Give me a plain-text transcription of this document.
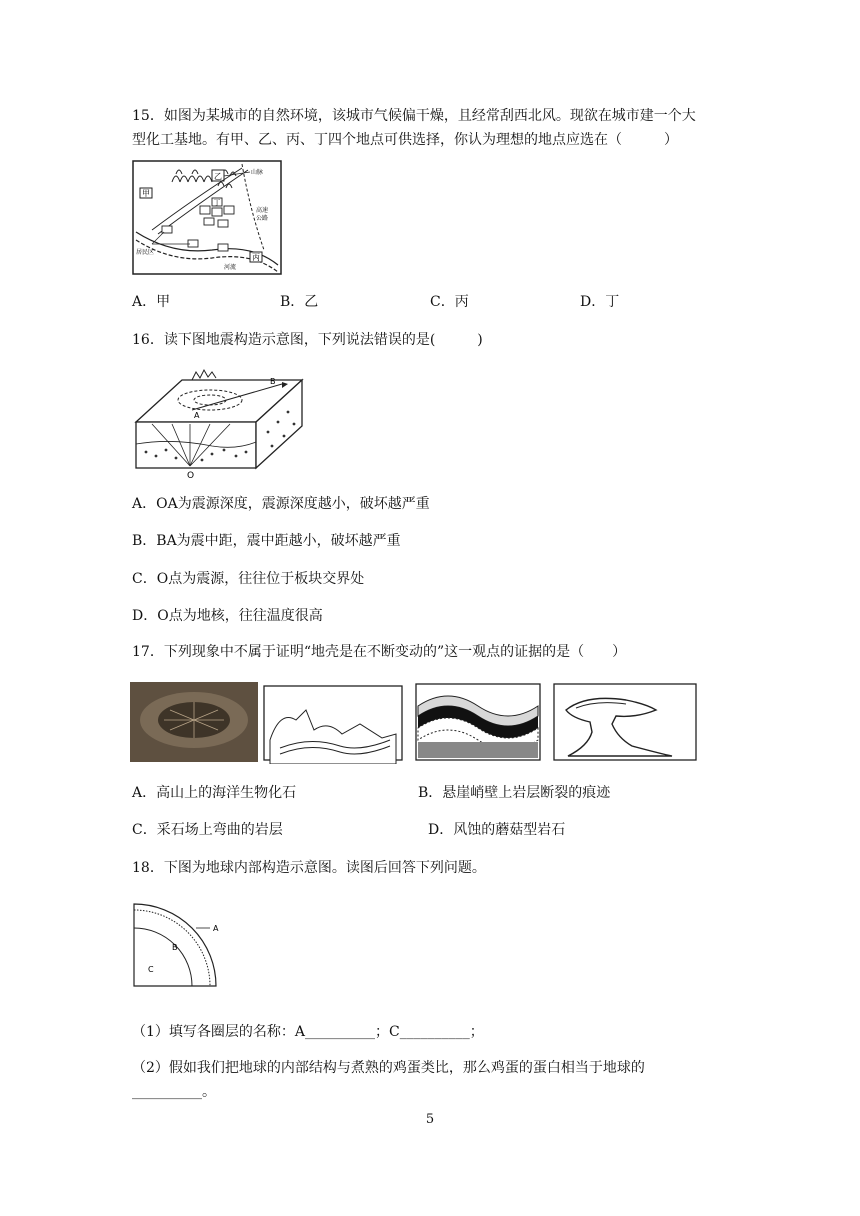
15．如图为某城市的自然环境，该城市气候偏干燥，且经常刮西北风。现欲在城市建一个大
型化工基地。有甲、乙、丙、丁四个地点可供选择，你认为理想的地点应选在（　　　）
乙	山脉
丁
甲
丙
高速
公路
居民区
河流
A．甲	B．乙	C．丙	D．丁
16．读下图地震构造示意图，下列说法错误的是(　　　)
A
B
O
A．OA为震源深度，震源深度越小，破坏越严重
B．BA为震中距，震中距越小，破坏越严重
C．O点为震源，往往位于板块交界处
D．O点为地核，往往温度很高
17．下列现象中不属于证明“地壳是在不断变动的”这一观点的证据的是（　　）
A．高山上的海洋生物化石	B．悬崖峭壁上岩层断裂的痕迹
C．采石场上弯曲的岩层	D．风蚀的蘑菇型岩石
18．下图为地球内部构造示意图。读图后回答下列问题。
A
B
C
（1）填写各圈层的名称：A__________；C__________；
（2）假如我们把地球的内部结构与煮熟的鸡蛋类比，那么鸡蛋的蛋白相当于地球的
__________。
5
